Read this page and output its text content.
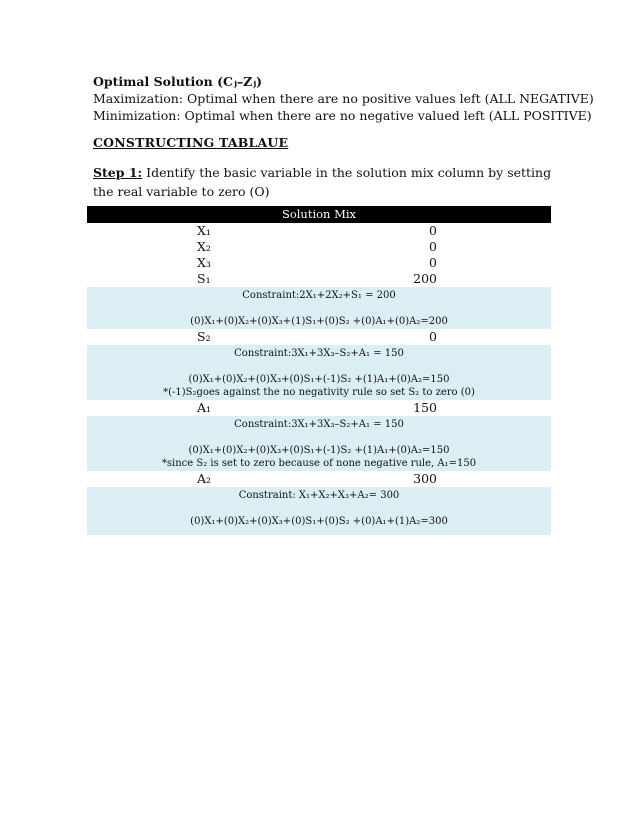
Optimal Solution (Cⱼ–Zⱼ)
Maximization: Optimal when there are no positive values left (ALL NEGATIVE)
Minimization: Optimal when there are no negative valued left (ALL POSITIVE)
CONSTRUCTING TABLAUE
Step 1: Identify the basic variable in the solution mix column by setting the real variable to zero (O)
Solution Mix
X₁	0
X₂	0
X₃	0
S₁	200
Constraint:2X₁+2X₂+S₁ = 200
(0)X₁+(0)X₂+(0)X₃+(1)S₁+(0)S₂ +(0)A₁+(0)A₂=200
S₂	0
Constraint:3X₁+3X₃–S₂+A₁ = 150
(0)X₁+(0)X₂+(0)X₃+(0)S₁+(-1)S₂ +(1)A₁+(0)A₂=150
*(-1)S₂goes against the no negativity rule so set S₂ to zero (0)
A₁	150
Constraint:3X₁+3X₃–S₂+A₁ = 150
(0)X₁+(0)X₂+(0)X₃+(0)S₁+(-1)S₂ +(1)A₁+(0)A₂=150
*since S₂ is set to zero because of none negative rule, A₁=150
A₂	300
Constraint: X₁+X₂+X₃+A₂= 300
(0)X₁+(0)X₂+(0)X₃+(0)S₁+(0)S₂ +(0)A₁+(1)A₂=300
